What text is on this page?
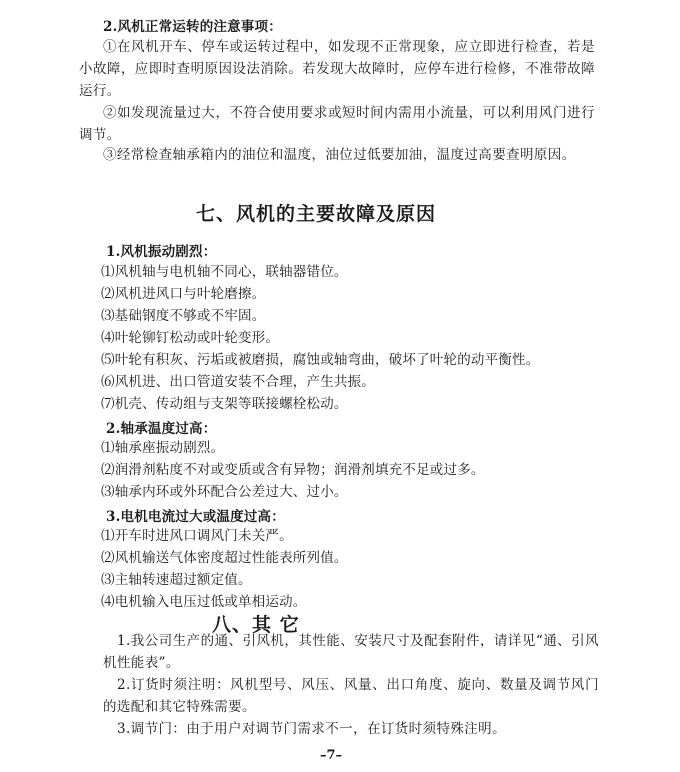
2.风机正常运转的注意事项：
①在风机开车、停车或运转过程中，如发现不正常现象，应立即进行检查，若是小故障，应即时查明原因设法消除。若发现大故障时，应停车进行检修，不准带故障运行。
②如发现流量过大，不符合使用要求或短时间内需用小流量，可以利用风门进行调节。
③经常检查轴承箱内的油位和温度，油位过低要加油，温度过高要查明原因。
七、风机的主要故障及原因
1.风机振动剧烈：
⑴风机轴与电机轴不同心，联轴器错位。
⑵风机进风口与叶轮磨擦。
⑶基础钢度不够或不牢固。
⑷叶轮铆钉松动或叶轮变形。
⑸叶轮有积灰、污垢或被磨损，腐蚀或轴弯曲，破坏了叶轮的动平衡性。
⑹风机进、出口管道安装不合理，产生共振。
⑺机壳、传动组与支架等联接螺栓松动。
2.轴承温度过高：
⑴轴承座振动剧烈。
⑵润滑剂粘度不对或变质或含有异物；润滑剂填充不足或过多。
⑶轴承内环或外环配合公差过大、过小。
3.电机电流过大或温度过高：
⑴开车时进风口调风门未关严。
⑵风机输送气体密度超过性能表所列值。
⑶主轴转速超过额定值。
⑷电机输入电压过低或单相运动。
八、其 它
1.我公司生产的通、引风机，其性能、安装尺寸及配套附件，请详见“通、引风机性能表”。
2.订货时须注明：风机型号、风压、风量、出口角度、旋向、数量及调节风门的选配和其它特殊需要。
3.调节门：由于用户对调节门需求不一，在订货时须特殊注明。
–7–
